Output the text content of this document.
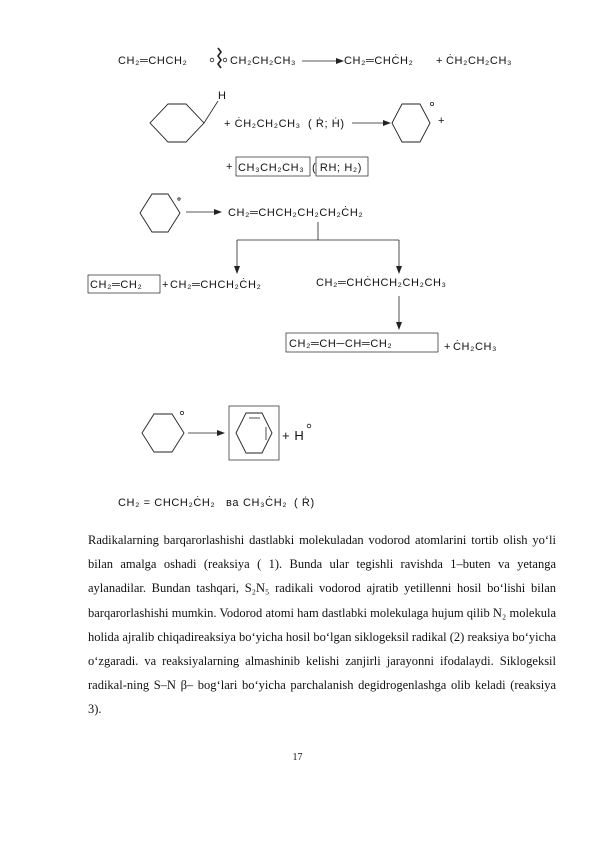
CH₂═CHCH₂	CH₂CH₂CH₃	CH₂═CHĊH₂ + ĊH₂CH₂CH₃
H
+ ĊH₂CH₂CH₃ ( Ṙ; Ḣ)	+
+ CH₃CH₂CH₃ ( RH; H₂)
CH₂═CHCH₂CH₂CH₂ĊH₂
CH₂═CH₂ + CH₂═CHCH₂ĊH₂	CH₂═CHĊHCH₂CH₂CH₃
CH₂═CH─CH═CH₂	+ ĊH₂CH₃
+ H
CH₂ = CHCH₂ĊH₂ ва CH₃ĊH₂ ( Ṙ)

Radikalarning barqarorlashishi dastlabki molekuladan vodorod atomlarini tortib olish yo‘li bilan amalga oshadi (reaksiya ( 1). Bunda ular tegishli ravishda 1–buten va yetanga aylanadilar. Bundan tashqari, S₂N₅ radikali vodorod ajratib yetillenni hosil bo‘lishi bilan barqarorlashishi mumkin. Vodorod atomi ham dastlabki molekulaga hujum qilib N₂ molekula holida ajralib chiqadireaksiya bo‘yicha hosil bo‘lgan siklogeksil radikal (2) reaksiya bo‘yicha o‘zgaradi. va reaksiyalarning almashinib kelishi zanjirli jarayonni ifodalaydi. Siklogeksil radikal-ning S–N β– bog‘lari bo‘yicha parchalanish degidrogenlashga olib keladi (reaksiya 3).

17
